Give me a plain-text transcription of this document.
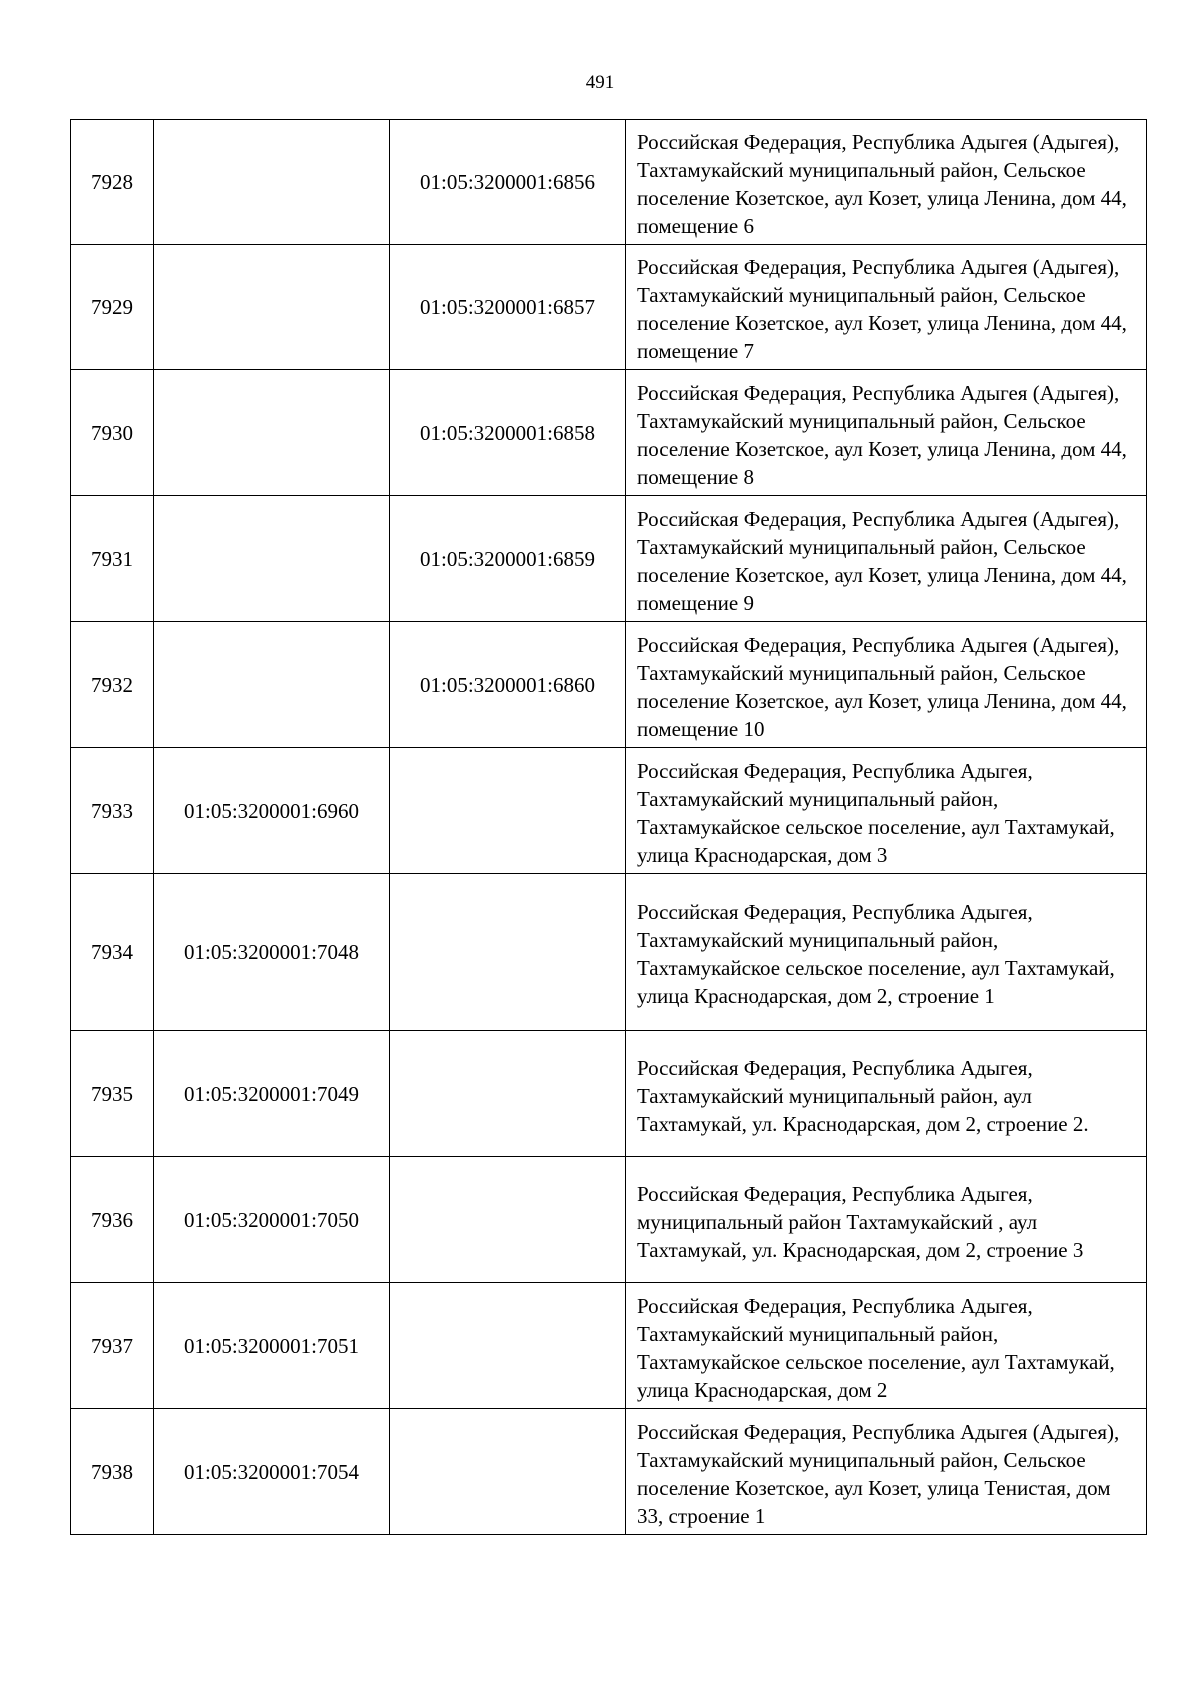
491
7928		01:05:3200001:6856	Российская Федерация, Республика Адыгея (Адыгея), Тахтамукайский муниципальный район, Сельское поселение Козетское, аул Козет, улица Ленина, дом 44, помещение 6
7929		01:05:3200001:6857	Российская Федерация, Республика Адыгея (Адыгея), Тахтамукайский муниципальный район, Сельское поселение Козетское, аул Козет, улица Ленина, дом 44, помещение 7
7930		01:05:3200001:6858	Российская Федерация, Республика Адыгея (Адыгея), Тахтамукайский муниципальный район, Сельское поселение Козетское, аул Козет, улица Ленина, дом 44, помещение 8
7931		01:05:3200001:6859	Российская Федерация, Республика Адыгея (Адыгея), Тахтамукайский муниципальный район, Сельское поселение Козетское, аул Козет, улица Ленина, дом 44, помещение 9
7932		01:05:3200001:6860	Российская Федерация, Республика Адыгея (Адыгея), Тахтамукайский муниципальный район, Сельское поселение Козетское, аул Козет, улица Ленина, дом 44, помещение 10
7933	01:05:3200001:6960		Российская Федерация, Республика Адыгея, Тахтамукайский муниципальный район, Тахтамукайское сельское поселение, аул Тахтамукай, улица Краснодарская, дом 3
7934	01:05:3200001:7048		Российская Федерация, Республика Адыгея, Тахтамукайский муниципальный район, Тахтамукайское сельское поселение, аул Тахтамукай, улица Краснодарская, дом 2, строение 1
7935	01:05:3200001:7049		Российская Федерация, Республика Адыгея, Тахтамукайский муниципальный район, аул Тахтамукай, ул. Краснодарская, дом 2, строение 2.
7936	01:05:3200001:7050		Российская Федерация, Республика Адыгея, муниципальный район Тахтамукайский , аул Тахтамукай, ул. Краснодарская, дом 2, строение 3
7937	01:05:3200001:7051		Российская Федерация, Республика Адыгея, Тахтамукайский муниципальный район, Тахтамукайское сельское поселение, аул Тахтамукай, улица Краснодарская, дом 2
7938	01:05:3200001:7054		Российская Федерация, Республика Адыгея (Адыгея), Тахтамукайский муниципальный район, Сельское поселение Козетское, аул Козет, улица Тенистая, дом 33, строение 1
